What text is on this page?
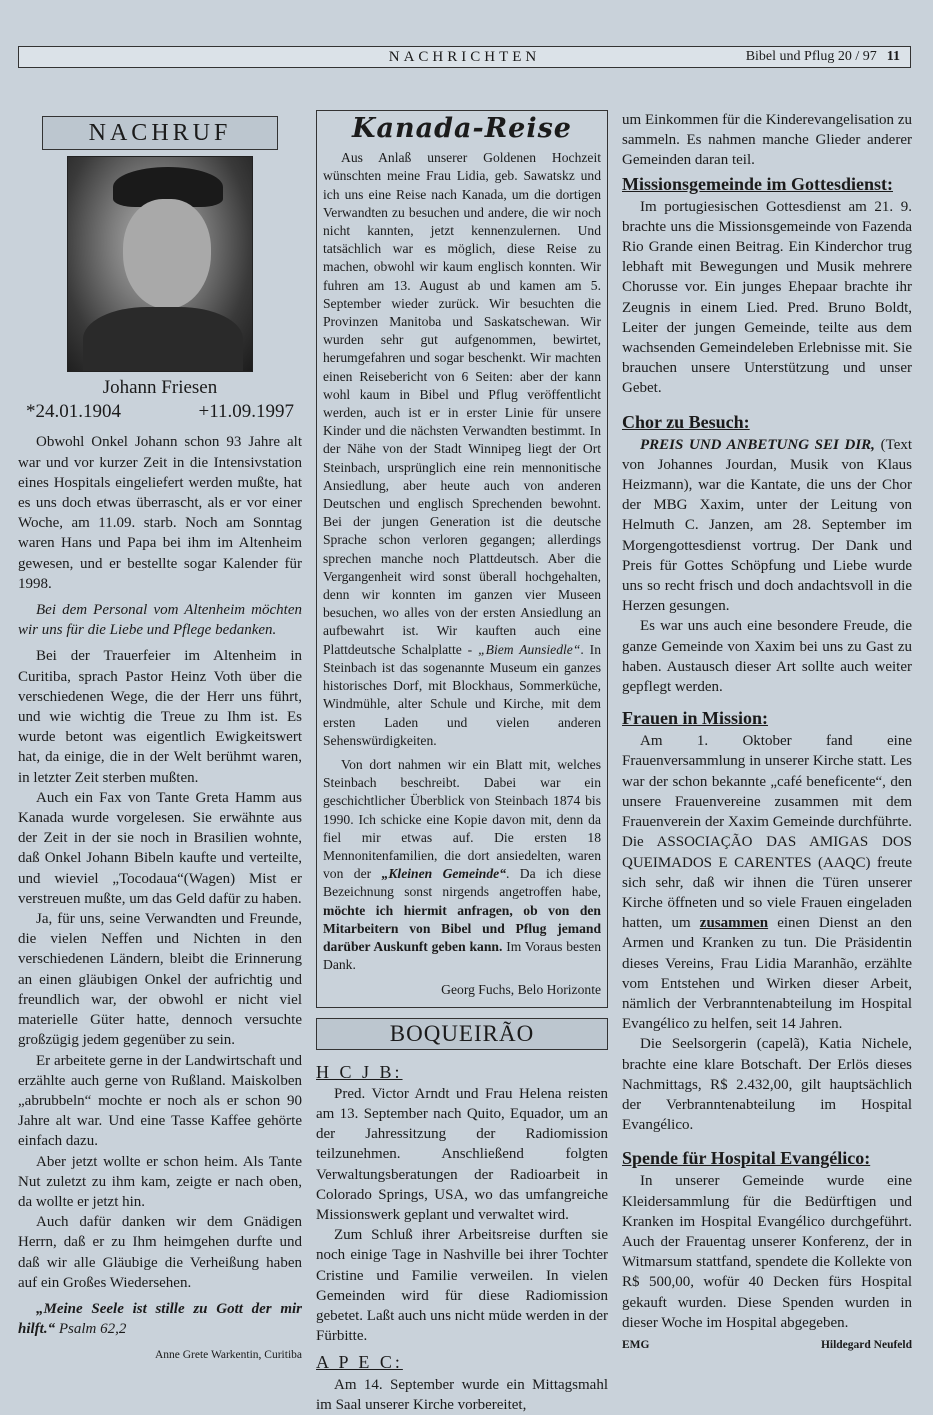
NACHRICHTEN	Bibel und Pflug 20 / 97 11
NACHRUF
Johann Friesen
*24.01.1904	+11.09.1997

Obwohl Onkel Johann schon 93 Jahre alt war und vor kurzer Zeit in die Intensivstation eines Hospitals eingeliefert werden mußte, hat es uns doch etwas überrascht, als er vor einer Woche, am 11.09. starb. Noch am Sonntag waren Hans und Papa bei ihm im Altenheim gewesen, und er bestellte sogar Kalender für 1998.

Bei dem Personal vom Altenheim möchten wir uns für die Liebe und Pflege bedanken.

Bei der Trauerfeier im Altenheim in Curitiba, sprach Pastor Heinz Voth über die verschiedenen Wege, die der Herr uns führt, und wie wichtig die Treue zu Ihm ist. Es wurde betont was eigentlich Ewigkeitswert hat, da einige, die in der Welt berühmt waren, in letzter Zeit sterben mußten.

Auch ein Fax von Tante Greta Hamm aus Kanada wurde vorgelesen. Sie erwähnte aus der Zeit in der sie noch in Brasilien wohnte, daß Onkel Johann Bibeln kaufte und verteilte, und wieviel „Tocodaua“(Wagen) Mist er verstreuen mußte, um das Geld dafür zu haben.

Ja, für uns, seine Verwandten und Freunde, die vielen Neffen und Nichten in den verschiedenen Ländern, bleibt die Erinnerung an einen gläubigen Onkel der aufrichtig und freundlich war, der obwohl er nicht viel materielle Güter hatte, dennoch versuchte großzügig jedem gegenüber zu sein.

Er arbeitete gerne in der Landwirtschaft und erzählte auch gerne von Rußland. Maiskolben „abrubbeln“ mochte er noch als er schon 90 Jahre alt war. Und eine Tasse Kaffee gehörte einfach dazu.

Aber jetzt wollte er schon heim. Als Tante Nut zuletzt zu ihm kam, zeigte er nach oben, da wollte er jetzt hin.

Auch dafür danken wir dem Gnädigen Herrn, daß er zu Ihm heimgehen durfte und daß wir alle Gläubige die Verheißung haben auf ein Großes Wiedersehen.

„Meine Seele ist stille zu Gott der mir hilft.“ Psalm 62,2

Anne Grete Warkentin, Curitiba
Kanada-Reise

Aus Anlaß unserer Goldenen Hochzeit wünschten meine Frau Lidia, geb. Sawatskz und ich uns eine Reise nach Kanada, um die dortigen Verwandten zu besuchen und andere, die wir noch nicht kannten, jetzt kennenzulernen. Und tatsächlich war es möglich, diese Reise zu machen, obwohl wir kaum englisch konnten. Wir fuhren am 13. August ab und kamen am 5. September wieder zurück. Wir besuchten die Provinzen Manitoba und Saskatschewan. Wir wurden sehr gut aufgenommen, bewirtet, herumgefahren und sogar beschenkt. Wir machten einen Reisebericht von 6 Seiten: aber der kann wohl kaum in Bibel und Pflug veröffentlicht werden, auch ist er in erster Linie für unsere Kinder und die nächsten Verwandten bestimmt. In der Nähe von der Stadt Winnipeg liegt der Ort Steinbach, ursprünglich eine rein mennonitische Ansiedlung, aber heute auch von anderen Deutschen und englisch Sprechenden bewohnt. Bei der jungen Generation ist die deutsche Sprache schon verloren gegangen; allerdings sprechen manche noch Plattdeutsch. Aber die Vergangenheit wird sonst überall hochgehalten, denn wir konnten im ganzen vier Museen besuchen, wo alles von der ersten Ansiedlung an aufbewahrt ist. Wir kauften auch eine Plattdeutsche Schalplatte - „Biem Aunsiedle“. In Steinbach ist das sogenannte Museum ein ganzes historisches Dorf, mit Blockhaus, Sommerküche, Windmühle, alter Schule und Kirche, mit dem ersten Laden und vielen anderen Sehenswürdigkeiten.

Von dort nahmen wir ein Blatt mit, welches Steinbach beschreibt. Dabei war ein geschichtlicher Überblick von Steinbach 1874 bis 1990. Ich schicke eine Kopie davon mit, denn da fiel mir etwas auf. Die ersten 18 Mennonitenfamilien, die dort ansiedelten, waren von der „Kleinen Gemeinde“. Da ich diese Bezeichnung sonst nirgends angetroffen habe, möchte ich hiermit anfragen, ob von den Mitarbeitern von Bibel und Pflug jemand darüber Auskunft geben kann. Im Voraus besten Dank.

Georg Fuchs, Belo Horizonte
BOQUEIRÃO
H C J B:

Pred. Victor Arndt und Frau Helena reisten am 13. September nach Quito, Equador, um an der Jahressitzung der Radiomission teilzunehmen. Anschließend folgten Verwaltungsberatungen der Radioarbeit in Colorado Springs, USA, wo das umfangreiche Missionswerk geplant und verwaltet wird.

Zum Schluß ihrer Arbeitsreise durften sie noch einige Tage in Nashville bei ihrer Tochter Cristine und Familie verweilen. In vielen Gemeinden wird für diese Radiomission gebetet. Laßt auch uns nicht müde werden in der Fürbitte.

A P E C:

Am 14. September wurde ein Mittagsmahl im Saal unserer Kirche vorbereitet,

um Einkommen für die Kinderevangelisation zu sammeln. Es nahmen manche Glieder anderer Gemeinden daran teil.

Missionsgemeinde im Gottesdienst:

Im portugiesischen Gottesdienst am 21. 9. brachte uns die Missionsgemeinde von Fazenda Rio Grande einen Beitrag. Ein Kinderchor trug lebhaft mit Bewegungen und Musik mehrere Chorusse vor. Ein junges Ehepaar brachte ihr Zeugnis in einem Lied. Pred. Bruno Boldt, Leiter der jungen Gemeinde, teilte aus dem wachsenden Gemeindeleben Erlebnisse mit. Sie brauchen unsere Unterstützung und unser Gebet.

Chor zu Besuch:

PREIS UND ANBETUNG SEI DIR, (Text von Johannes Jourdan, Musik von Klaus Heizmann), war die Kantate, die uns der Chor der MBG Xaxim, unter der Leitung von Helmuth C. Janzen, am 28. September im Morgengottesdienst vortrug. Der Dank und Preis für Gottes Schöpfung und Liebe wurde uns so recht frisch und doch andachtsvoll in die Herzen gesungen.

Es war uns auch eine besondere Freude, die ganze Gemeinde von Xaxim bei uns zu Gast zu haben. Austausch dieser Art sollte auch weiter gepflegt werden.

Frauen in Mission:

Am 1. Oktober fand eine Frauenversammlung in unserer Kirche statt. Les war der schon bekannte „café beneficente“, den unsere Frauenvereine zusammen mit dem Frauenverein der Xaxim Gemeinde durchführte. Die ASSOCIAÇÃO DAS AMIGAS DOS QUEIMADOS E CARENTES (AAQC) freute sich sehr, daß wir ihnen die Türen unserer Kirche öffneten und so viele Frauen eingeladen hatten, um zusammen einen Dienst an den Armen und Kranken zu tun. Die Präsidentin dieses Vereins, Frau Lidia Maranhão, erzählte vom Entstehen und Wirken dieser Arbeit, nämlich der Verbranntenabteilung im Hospital Evangélico zu helfen, seit 14 Jahren.

Die Seelsorgerin (capelã), Katia Nichele, brachte eine klare Botschaft. Der Erlös dieses Nachmittags, R$ 2.432,00, gilt hauptsächlich der Verbranntenabteilung im Hospital Evangélico.

Spende für Hospital Evangélico:

In unserer Gemeinde wurde eine Kleidersammlung für die Bedürftigen und Kranken im Hospital Evangélico durchgeführt. Auch der Frauentag unserer Konferenz, der in Witmarsum stattfand, spendete die Kollekte von R$ 500,00, wofür 40 Decken fürs Hospital gekauft wurden. Diese Spenden wurden in dieser Woche im Hospital abgegeben.

EMG	Hildegard Neufeld
